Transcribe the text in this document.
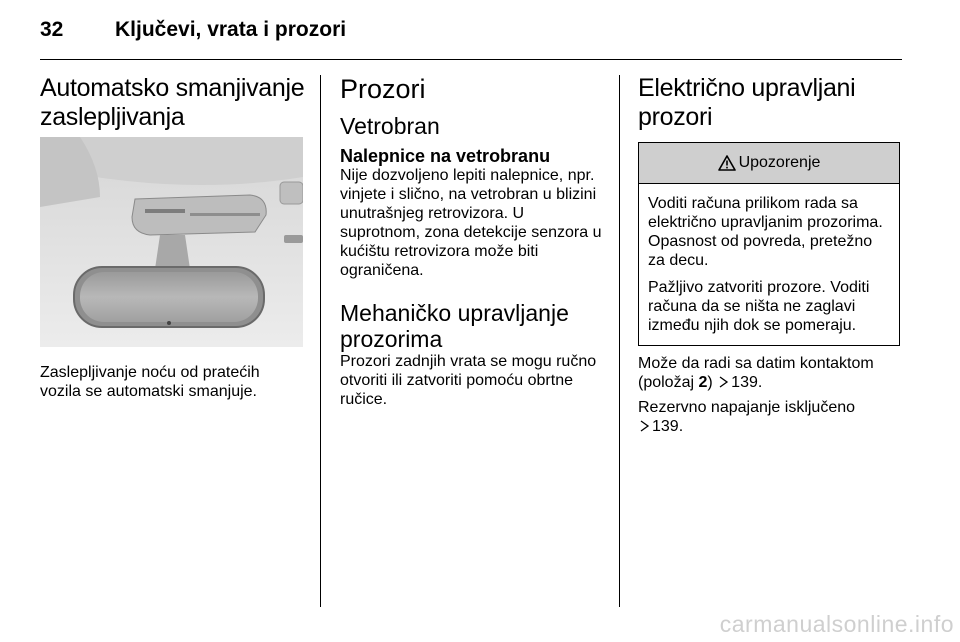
32 Ključevi, vrata i prozori
Automatsko smanjivanje zaslepljivanja

Zaslepljivanje noću od pratećih vozila se automatski smanjuje.

Prozori
Vetrobran
Nalepnice na vetrobranu

Nije dozvoljeno lepiti nalepnice, npr. vinjete i slično, na vetrobran u blizini unutrašnjeg retrovizora. U suprotnom, zona detekcije senzora u kućištu retrovizora može biti ograničena.

Mehaničko upravljanje prozorima

Prozori zadnjih vrata se mogu ručno otvoriti ili zatvoriti pomoću obrtne ručice.

Električno upravljani prozori
Upozorenje

Voditi računa prilikom rada sa električno upravljanim prozorima. Opasnost od povreda, pretežno za decu.

Pažljivo zatvoriti prozore. Voditi računa da se ništa ne zaglavi između njih dok se pomeraju.

Može da radi sa datim kontaktom (položaj 2) 139.

Rezervno napajanje isključeno
139.

carmanualsonline.info
